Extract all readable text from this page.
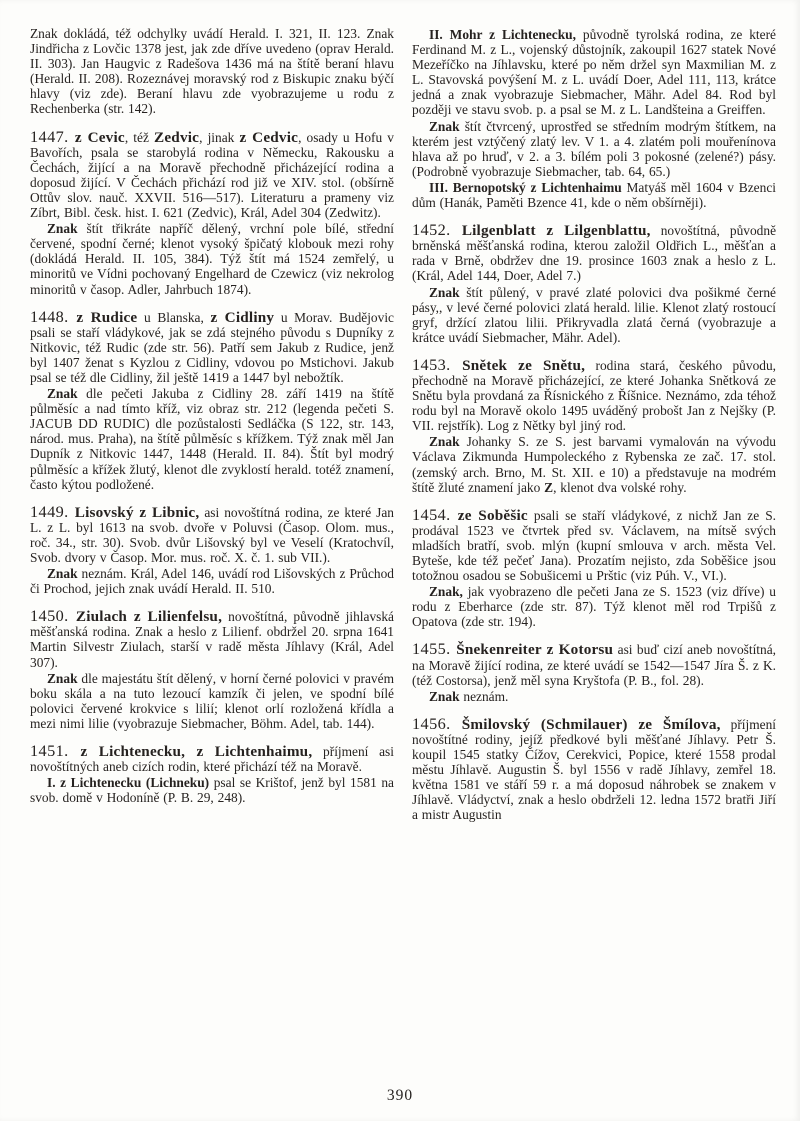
Znak dokládá, též odchylky uvádí Herald. I. 321, II. 123. Znak Jindřicha z Lovčic 1378 jest, jak zde dříve uvedeno (oprav Herald. II. 303). Jan Haugvic z Radešova 1436 má na štítě beraní hlavu (Herald. II. 208). Rozeznávej moravský rod z Biskupic znaku býčí hlavy (viz zde). Beraní hlavu zde vyobrazujeme u rodu z Rechenberka (str. 142).

1447. z Cevic, též Zedvic, jinak z Cedvic, osady u Hofu v Bavořích, psala se starobylá rodina v Německu, Rakousku a Čechách, žijící a na Moravě přechodně přicházející rodina a doposud žijící. V Čechách přichází rod již ve XIV. stol. (obšírně Ottův slov. nauč. XXVII. 516—517). Literaturu a prameny viz Zíbrt, Bibl. česk. hist. I. 621 (Zedvic), Král, Adel 304 (Zedwitz).

Znak štít třikráte napříč dělený, vrchní pole bílé, střední červené, spodní černé; klenot vysoký špičatý klobouk mezi rohy (dokládá Herald. II. 105, 384). Týž štít má 1524 zemřelý, u minoritů ve Vídni pochovaný Engelhard de Czewicz (viz nekrolog minoritů v časop. Adler, Jahrbuch 1874).

1448. z Rudice u Blanska, z Cidliny u Morav. Budějovic psali se staří vládykové, jak se zdá stejného původu s Dupníky z Nitkovic, též Rudic (zde str. 56). Patří sem Jakub z Rudice, jenž byl 1407 ženat s Kyzlou z Cidliny, vdovou po Mstichovi. Jakub psal se též dle Cidliny, žil ještě 1419 a 1447 byl nebožtík.

Znak dle pečeti Jakuba z Cidliny 28. září 1419 na štítě půlměsíc a nad tímto kříž, viz obraz str. 212 (legenda pečeti S. JACUB DD RUDIC) dle pozůstalosti Sedláčka (S 122, str. 143, národ. mus. Praha), na štítě půlměsíc s křížkem. Týž znak měl Jan Dupník z Nitkovic 1447, 1448 (Herald. II. 84). Štít byl modrý půlměsíc a křížek žlutý, klenot dle zvyklostí herald. totéž znamení, často kýtou podložené.

1449. Lisovský z Libnic, asi novoštítná rodina, ze které Jan L. z L. byl 1613 na svob. dvoře v Poluvsi (Časop. Olom. mus., roč. 34., str. 30). Svob. dvůr Lišovský byl ve Veselí (Kratochvíl, Svob. dvory v Časop. Mor. mus. roč. X. č. 1. sub VII.).

Znak neznám. Král, Adel 146, uvádí rod Lišovských z Průchod či Prochod, jejich znak uvádí Herald. II. 510.

1450. Ziulach z Lilienfelsu, novoštítná, původně jihlavská měšťanská rodina. Znak a heslo z Lilienf. obdržel 20. srpna 1641 Martin Silvestr Ziulach, starší v radě města Jíhlavy (Král, Adel 307).

Znak dle majestátu štít dělený, v horní černé polovici v pravém boku skála a na tuto lezoucí kamzík či jelen, ve spodní bílé polovici červené krokvice s lilií; klenot orlí rozložená křídla a mezi nimi lilie (vyobrazuje Siebmacher, Böhm. Adel, tab. 144).

1451. z Lichtenecku, z Lichtenhaimu, příjmení asi novoštítných aneb cizích rodin, které přichází též na Moravě.

I. z Lichtenecku (Lichneku) psal se Krištof, jenž byl 1581 na svob. domě v Hodoníně (P. B. 29, 248).

II. Mohr z Lichtenecku, původně tyrolská rodina, ze které Ferdinand M. z L., vojenský důstojník, zakoupil 1627 statek Nové Mezeříčko na Jíhlavsku, které po něm držel syn Maxmilian M. z L. Stavovská povýšení M. z L. uvádí Doer, Adel 111, 113, krátce jedná a znak vyobrazuje Siebmacher, Mähr. Adel 84. Rod byl později ve stavu svob. p. a psal se M. z L. Landšteina a Greiffen.

Znak štít čtvrcený, uprostřed se středním modrým štítkem, na kterém jest vztýčený zlatý lev. V 1. a 4. zlatém poli mouřenínova hlava až po hruď, v 2. a 3. bílém poli 3 pokosné (zelené?) pásy. (Podrobně vyobrazuje Siebmacher, tab. 64, 65.)

III. Bernopotský z Lichtenhaimu Matyáš měl 1604 v Bzenci dům (Hanák, Paměti Bzence 41, kde o něm obšírněji).

1452. Lilgenblatt z Lilgenblattu, novoštítná, původně brněnská měšťanská rodina, kterou založil Oldřich L., měšťan a rada v Brně, obdržev dne 19. prosince 1603 znak a heslo z L. (Král, Adel 144, Doer, Adel 7.)

Znak štít půlený, v pravé zlaté polovici dva pošikmé černé pásy,, v levé černé polovici zlatá herald. lilie. Klenot zlatý rostoucí gryf, držící zlatou lilii. Přikryvadla zlatá černá (vyobrazuje a krátce uvádí Siebmacher, Mähr. Adel).

1453. Snětek ze Snětu, rodina stará, českého původu, přechodně na Moravě přicházející, ze které Johanka Snětková ze Snětu byla provdaná za Řísnického z Říšnice. Neznámo, zda téhož rodu byl na Moravě okolo 1495 uváděný probošt Jan z Nejšky (P. VII. rejstřík). Log z Nětky byl jiný rod.

Znak Johanky S. ze S. jest barvami vymalován na vývodu Václava Zikmunda Humpoleckého z Rybenska ze zač. 17. stol. (zemský arch. Brno, M. St. XII. e 10) a představuje na modrém štítě žluté znamení jako Z, klenot dva volské rohy.

1454. ze Soběšic psali se staří vládykové, z nichž Jan ze S. prodával 1523 ve čtvrtek před sv. Václavem, na mítsě svých mladších bratří, svob. mlýn (kupní smlouva v arch. města Vel. Byteše, kde též pečeť Jana). Prozatím nejisto, zda Soběšice jsou totožnou osadou se Sobušicemi u Prštic (viz Púh. V., VI.).

Znak, jak vyobrazeno dle pečeti Jana ze S. 1523 (viz dříve) u rodu z Eberharce (zde str. 87). Týž klenot měl rod Trpišů z Opatova (zde str. 194).

1455. Šnekenreiter z Kotorsu asi buď cizí aneb novoštítná, na Moravě žijící rodina, ze které uvádí se 1542—1547 Jíra Š. z K. (též Costorsa), jenž měl syna Kryštofa (P. B., fol. 28).

Znak neznám.

1456. Šmilovský (Schmilauer) ze Šmílova, příjmení novoštítné rodiny, jejíž předkové byli měšťané Jíhlavy. Petr Š. koupil 1545 statky Čížov, Cerekvici, Popice, které 1558 prodal městu Jíhlavě. Augustin Š. byl 1556 v radě Jíhlavy, zemřel 18. května 1581 ve stáří 59 r. a má doposud náhrobek se znakem v Jíhlavě. Vládyctví, znak a heslo obdrželi 12. ledna 1572 bratři Jiří a mistr Augustin

390
